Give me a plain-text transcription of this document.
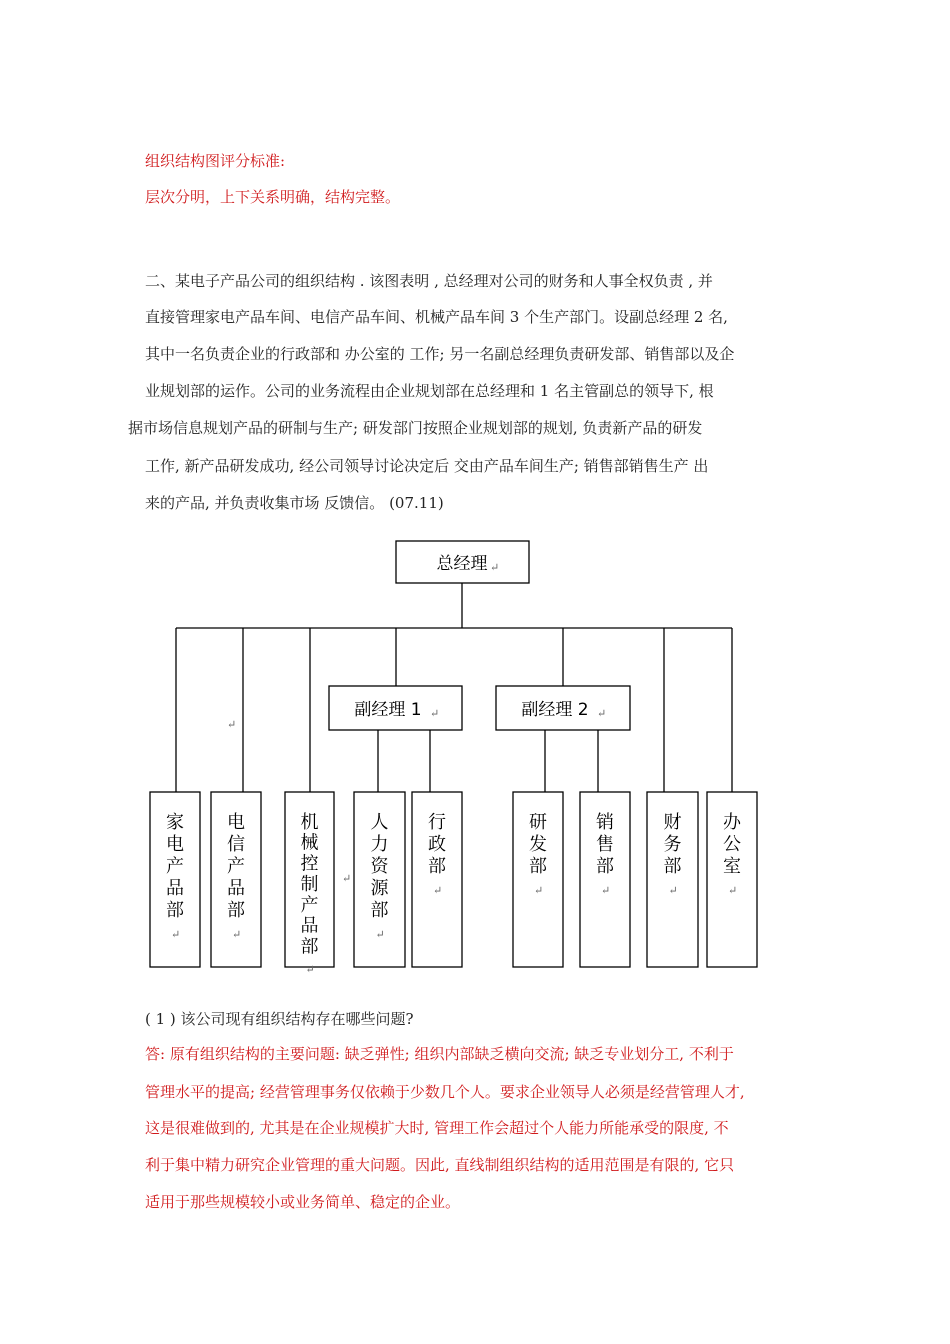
组织结构图评分标准:
层次分明，上下关系明确，结构完整。
二、某电子产品公司的组织结构 . 该图表明 , 总经理对公司的财务和人事全权负责 , 并
直接管理家电产品车间、电信产品车间、机械产品车间 3 个生产部门。设副总经理 2 名,
其中一名负责企业的行政部和 办公室的 工作; 另一名副总经理负责研发部、销售部以及企
业规划部的运作。公司的业务流程由企业规划部在总经理和 1 名主管副总的领导下, 根
据市场信息规划产品的研制与生产; 研发部门按照企业规划部的规划, 负责新产品的研发
工作, 新产品研发成功, 经公司领导讨论决定后 交由产品车间生产; 销售部销售生产 出
来的产品, 并负责收集市场 反馈信。 (07.11)
总经理 ↵
副经理 1 ↵	副经理 2 ↵
↵
↵
家电产品部
↵
电信产品部
↵
机械控制产品部
↵
人力资源部
↵
行政部
↵
研发部
↵
销售部
↵
财务部
↵
办公室
↵
( 1 ) 该公司现有组织结构存在哪些问题?
答: 原有组织结构的主要问题: 缺乏弹性; 组织内部缺乏横向交流; 缺乏专业划分工, 不利于
管理水平的提高; 经营管理事务仅依赖于少数几个人。要求企业领导人必须是经营管理人才,
这是很难做到的, 尤其是在企业规模扩大时, 管理工作会超过个人能力所能承受的限度, 不
利于集中精力研究企业管理的重大问题。因此, 直线制组织结构的适用范围是有限的, 它只
适用于那些规模较小或业务简单、稳定的企业。
